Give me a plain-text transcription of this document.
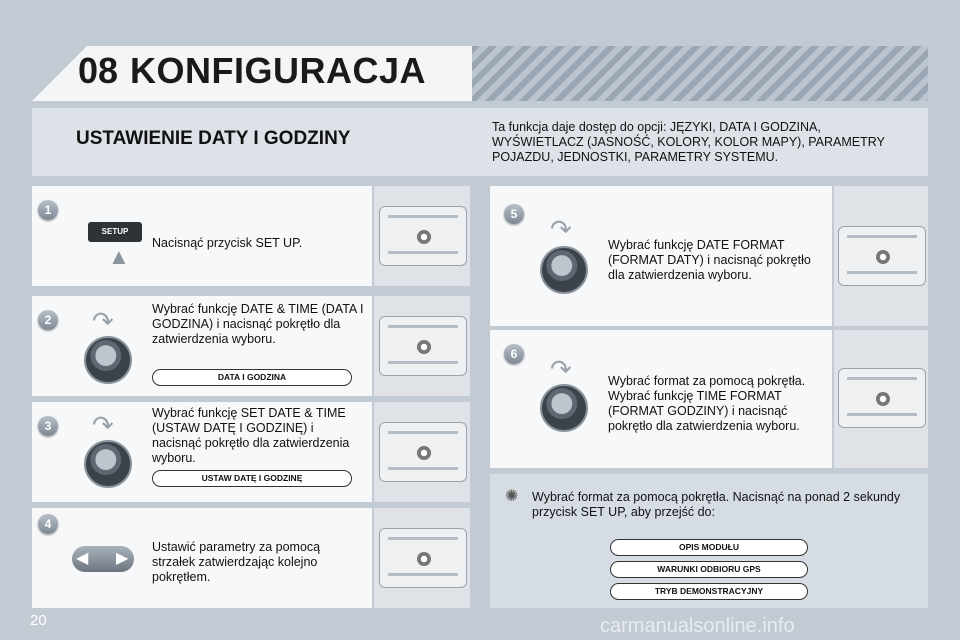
08 KONFIGURACJA
USTAWIENIE DATY I GODZINY
Ta funkcja daje dostęp do opcji: JĘZYKI, DATA I GODZINA, WYŚWIETLACZ (JASNOŚĆ, KOLORY, KOLOR MAPY), PARAMETRY POJAZDU, JEDNOSTKI, PARAMETRY SYSTEMU.
1
SETUP
▲
Nacisnąć przycisk SET UP.
2 ↷	Wybrać funkcję DATE & TIME (DATA I GODZINA) i nacisnąć pokrętło dla zatwierdzenia wyboru.
DATA I GODZINA
3 ↷	Wybrać funkcję SET DATE & TIME (USTAW DATĘ I GODZINĘ) i nacisnąć pokrętło dla zatwierdzenia wyboru.
USTAW DATĘ I GODZINĘ
4
◀ ▶
Ustawić parametry za pomocą strzałek zatwierdzając kolejno pokrętłem.
5 ↷
Wybrać funkcję DATE FORMAT (FORMAT DATY) i nacisnąć pokrętło dla zatwierdzenia wyboru.
6 ↷	Wybrać format za pomocą pokrętła. Wybrać funkcję TIME FORMAT (FORMAT GODZINY) i nacisnąć pokrętło dla zatwierdzenia wyboru.
✺ Wybrać format za pomocą pokrętła. Nacisnąć na ponad 2 sekundy przycisk SET UP, aby przejść do:
OPIS MODUŁU
WARUNKI ODBIORU GPS
TRYB DEMONSTRACYJNY
20	carmanualsonline.info
